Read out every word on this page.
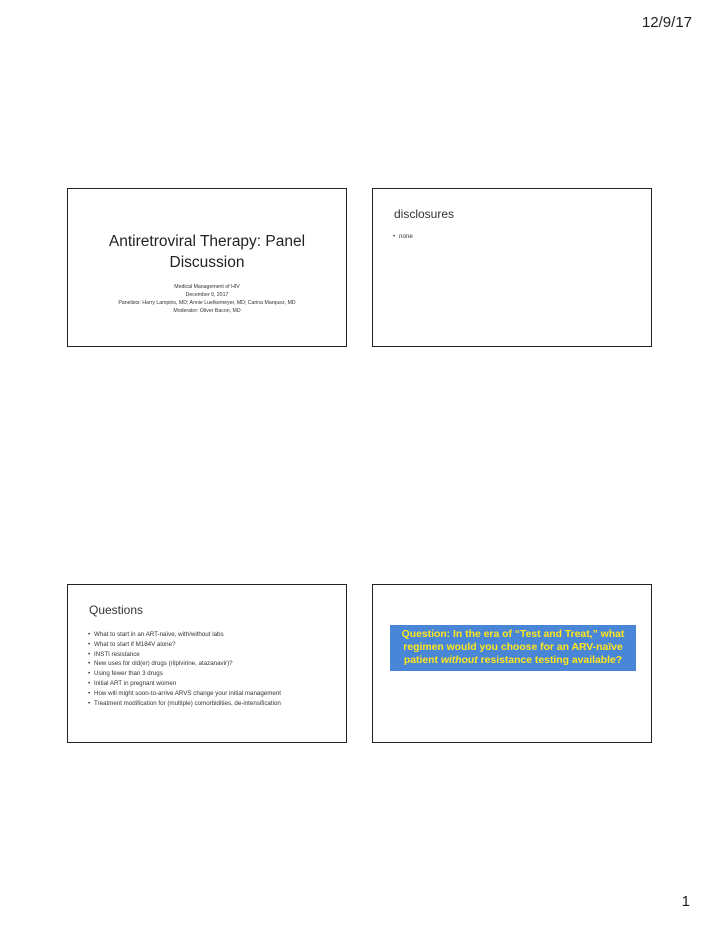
12/9/17
Antiretroviral Therapy: Panel Discussion
Medical Management of HIV
December 9, 2017
Panelists: Harry Lampiris, MD; Annie Luetkemeyer, MD; Carina Marquez, MD
Moderator: Oliver Bacon, MD
disclosures
• none
Questions
• What to start in an ART-naïve, with/without labs
• What to start if M184V alone?
• INSTI resistance
• New uses for old(er) drugs (rilpivirine, atazanavir)?
• Using fewer than 3 drugs
• Initial ART in pregnant women
• How will might soon-to-arrive ARVS change your initial management
• Treatment modification for (multiple) comorbidities, de-intensification
Question: In the era of “Test and Treat,” what regimen would you choose for an ARV-naïve patient without resistance testing available?
1
